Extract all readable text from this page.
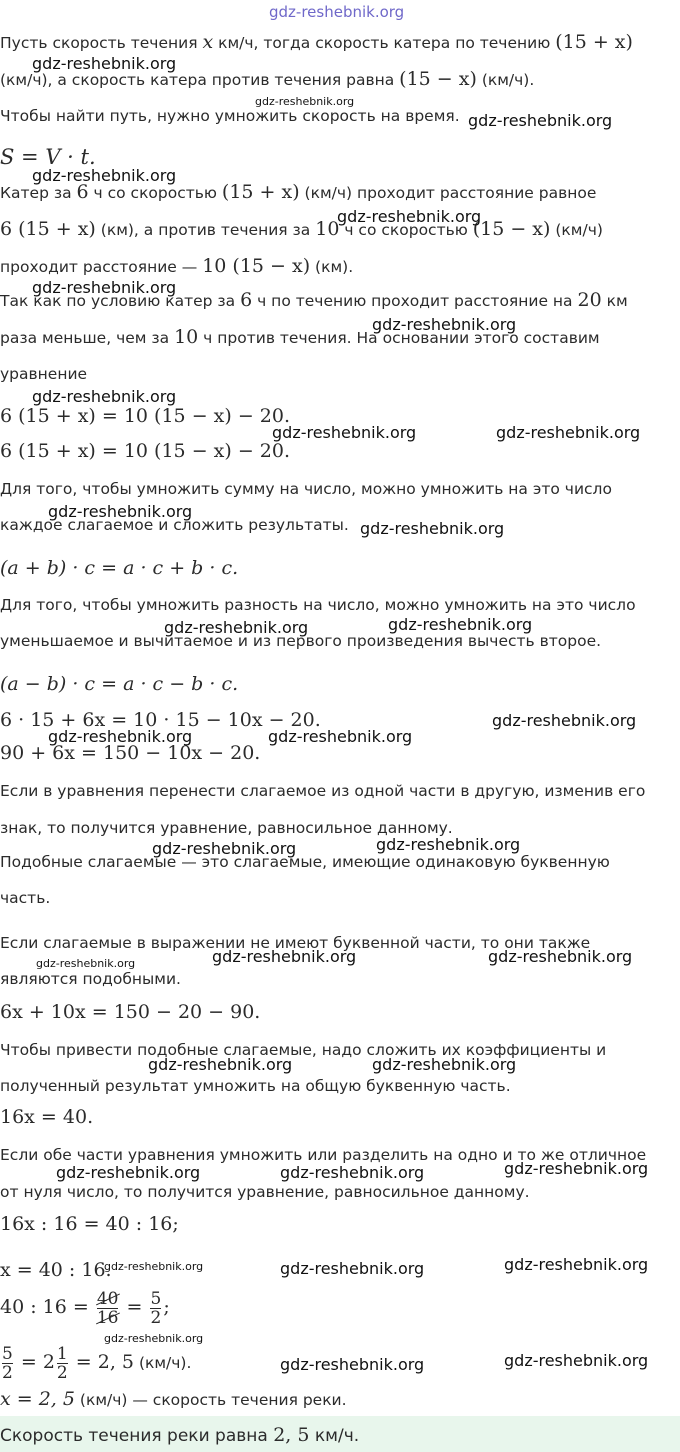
gdz-reshebnik.org
Пусть скорость течения x км/ч, тогда скорость катера по течению (15 + x)
(км/ч), а скорость катера против течения равна (15 − x) (км/ч).
Чтобы найти путь, нужно умножить скорость на время.
S = V · t.
Катер за 6 ч со скоростью (15 + x) (км/ч) проходит расстояние равное
6 (15 + x) (км), а против течения за 10 ч со скоростью (15 − x) (км/ч)
проходит расстояние — 10 (15 − x) (км).
Так как по условию катер за 6 ч по течению проходит расстояние на 20 км
раза меньше, чем за 10 ч против течения. На основании этого составим
уравнение
6 (15 + x) = 10 (15 − x) − 20.
6 (15 + x) = 10 (15 − x) − 20.
Для того, чтобы умножить сумму на число, можно умножить на это число
каждое слагаемое и сложить результаты.
(a + b) · c = a · c + b · c.
Для того, чтобы умножить разность на число, можно умножить на это число
уменьшаемое и вычитаемое и из первого произведения вычесть второе.
(a − b) · c = a · c − b · c.
6 · 15 + 6x = 10 · 15 − 10x − 20.
90 + 6x = 150 − 10x − 20.
Если в уравнения перенести слагаемое из одной части в другую, изменив его
знак, то получится уравнение, равносильное данному.
Подобные слагаемые — это слагаемые, имеющие одинаковую буквенную
часть.
Если слагаемые в выражении не имеют буквенной части, то они также
являются подобными.
6x + 10x = 150 − 20 − 90.
Чтобы привести подобные слагаемые, надо сложить их коэффициенты и
полученный результат умножить на общую буквенную часть.
16x = 40.
Если обе части уравнения умножить или разделить на одно и то же отличное
от нуля число, то получится уравнение, равносильное данному.
16x : 16 = 40 : 16;
x = 40 : 16.
40 : $16 = \frac{40}{16} = \frac{5}{2}$ ;
$\frac{5}{2} = 2 \frac{1}{2} = 2$, 5 (км/ч).
x = 2, 5 (км/ч) — скорость течения реки.
Скорость течения реки равна 2, 5 км/ч.
gdz-reshebnik.org
gdz-reshebnik.org
gdz-reshebnik.org
gdz-reshebnik.org
gdz-reshebnik.org
gdz-reshebnik.org
gdz-reshebnik.org
gdz-reshebnik.org
gdz-reshebnik.org	gdz-reshebnik.org
gdz-reshebnik.org
gdz-reshebnik.org
gdz-reshebnik.org	gdz-reshebnik.org
gdz-reshebnik.org
gdz-reshebnik.org	gdz-reshebnik.org
gdz-reshebnik.org
gdz-reshebnik.org
gdz-reshebnik.org	gdz-reshebnik.org	gdz-reshebnik.org
gdz-reshebnik.org	gdz-reshebnik.org
gdz-reshebnik.org	gdz-reshebnik.org	gdz-reshebnik.org
gdz-reshebnik.org	gdz-reshebnik.org	gdz-reshebnik.org
gdz-reshebnik.org
gdz-reshebnik.org	gdz-reshebnik.org
